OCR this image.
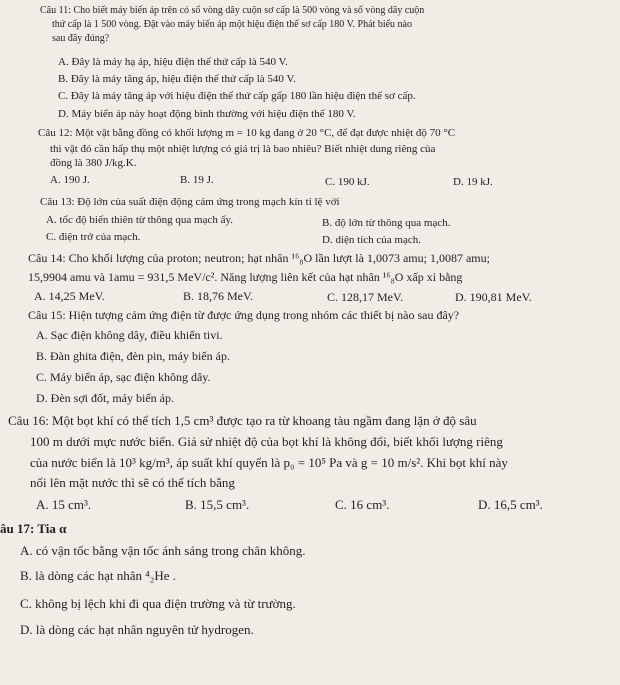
Câu 11: Cho biết máy biến áp trên có số vòng dây cuộn sơ cấp là 500 vòng và số vòng dây cuộn
thứ cấp là 1 500 vòng. Đặt vào máy biến áp một hiệu điện thế sơ cấp 180 V. Phát biểu nào
sau đây đúng?
A. Đây là máy hạ áp, hiệu điện thế thứ cấp là 540 V.
B. Đây là máy tăng áp, hiệu điện thế thứ cấp là 540 V.
C. Đây là máy tăng áp với hiệu điện thế thứ cấp gấp 180 lần hiệu điện thế sơ cấp.
D. Máy biến áp này hoạt động bình thường với hiệu điện thế 180 V.
Câu 12: Một vật bằng đồng có khối lượng m = 10 kg đang ở 20 °C, để đạt được nhiệt độ 70 °C
thì vật đó cần hấp thụ một nhiệt lượng có giá trị là bao nhiêu? Biết nhiệt dung riêng của
đồng là 380 J/kg.K.
A. 190 J.	B. 19 J.	C. 190 kJ.	D. 19 kJ.
Câu 13: Độ lớn của suất điện động cảm ứng trong mạch kín tỉ lệ với
A. tốc độ biến thiên từ thông qua mạch ấy.	B. độ lớn từ thông qua mạch.
C. điện trở của mạch.	D. diện tích của mạch.
Câu 14: Cho khối lượng của proton; neutron; hạt nhân ¹⁶₈O lần lượt là 1,0073 amu; 1,0087 amu;
15,9904 amu và 1amu = 931,5 MeV/c². Năng lượng liên kết của hạt nhân ¹⁶₈O xấp xỉ bằng
A. 14,25 MeV.	B. 18,76 MeV.	C. 128,17 MeV.	D. 190,81 MeV.
Câu 15: Hiện tượng cảm ứng điện từ được ứng dụng trong nhóm các thiết bị nào sau đây?
A. Sạc điện không dây, điều khiển tivi.
B. Đàn ghita điện, đèn pin, máy biến áp.
C. Máy biến áp, sạc điện không dây.
D. Đèn sợi đốt, máy biến áp.
Câu 16: Một bọt khí có thể tích 1,5 cm³ được tạo ra từ khoang tàu ngầm đang lặn ở độ sâu
100 m dưới mực nước biển. Giả sử nhiệt độ của bọt khí là không đổi, biết khối lượng riêng
của nước biển là 10³ kg/m³, áp suất khí quyển là p₀ = 10⁵ Pa và g = 10 m/s². Khi bọt khí này
nổi lên mặt nước thì sẽ có thể tích bằng
A. 15 cm³.	B. 15,5 cm³.	C. 16 cm³.	D. 16,5 cm³.
âu 17: Tia α
A. có vận tốc bằng vận tốc ánh sáng trong chân không.
B. là dòng các hạt nhân ⁴₂He .
C. không bị lệch khi đi qua điện trường và từ trường.
D. là dòng các hạt nhân nguyên tử hydrogen.
